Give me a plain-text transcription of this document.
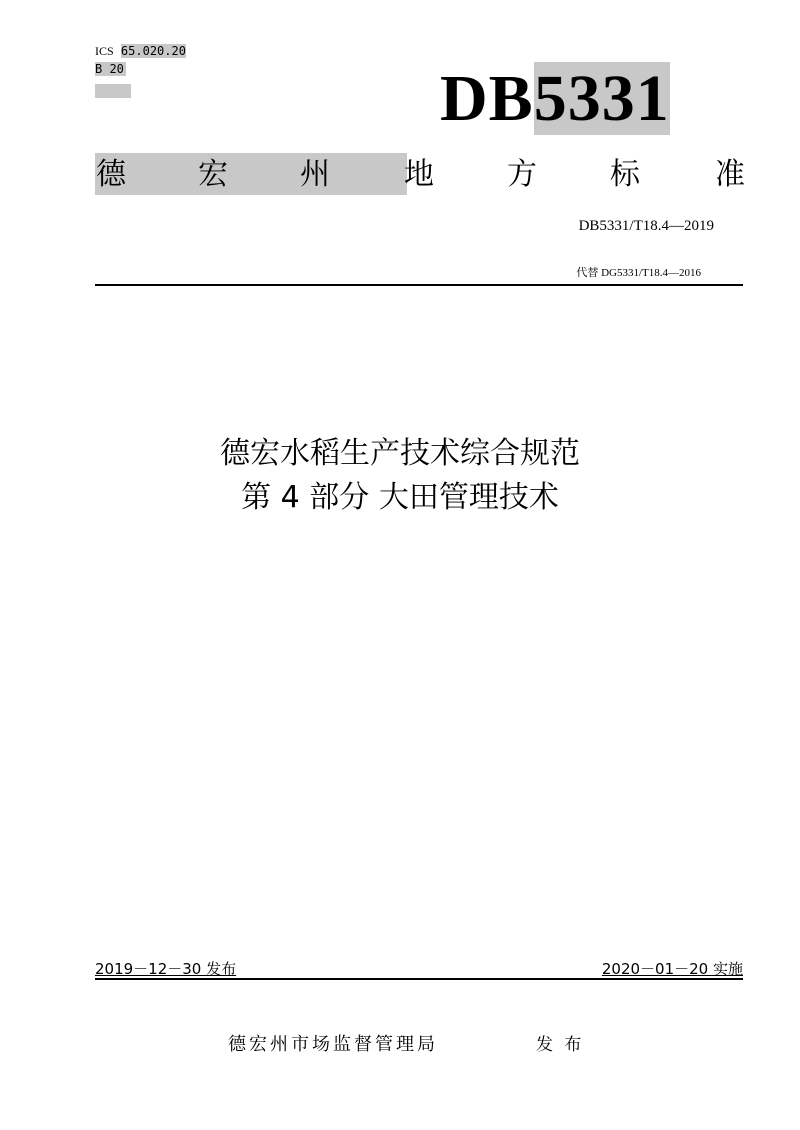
ICS 65.020.20
B 20	DB5331
德 宏 州 地 方 标	准
DB5331/T18.4—2019
代替 DG5331/T18.4—2016
德宏水稻生产技术综合规范
第 4 部分 大田管理技术
2019－12－30 发布	2020－01－20 实施
德宏州市场监督管理局	发 布
